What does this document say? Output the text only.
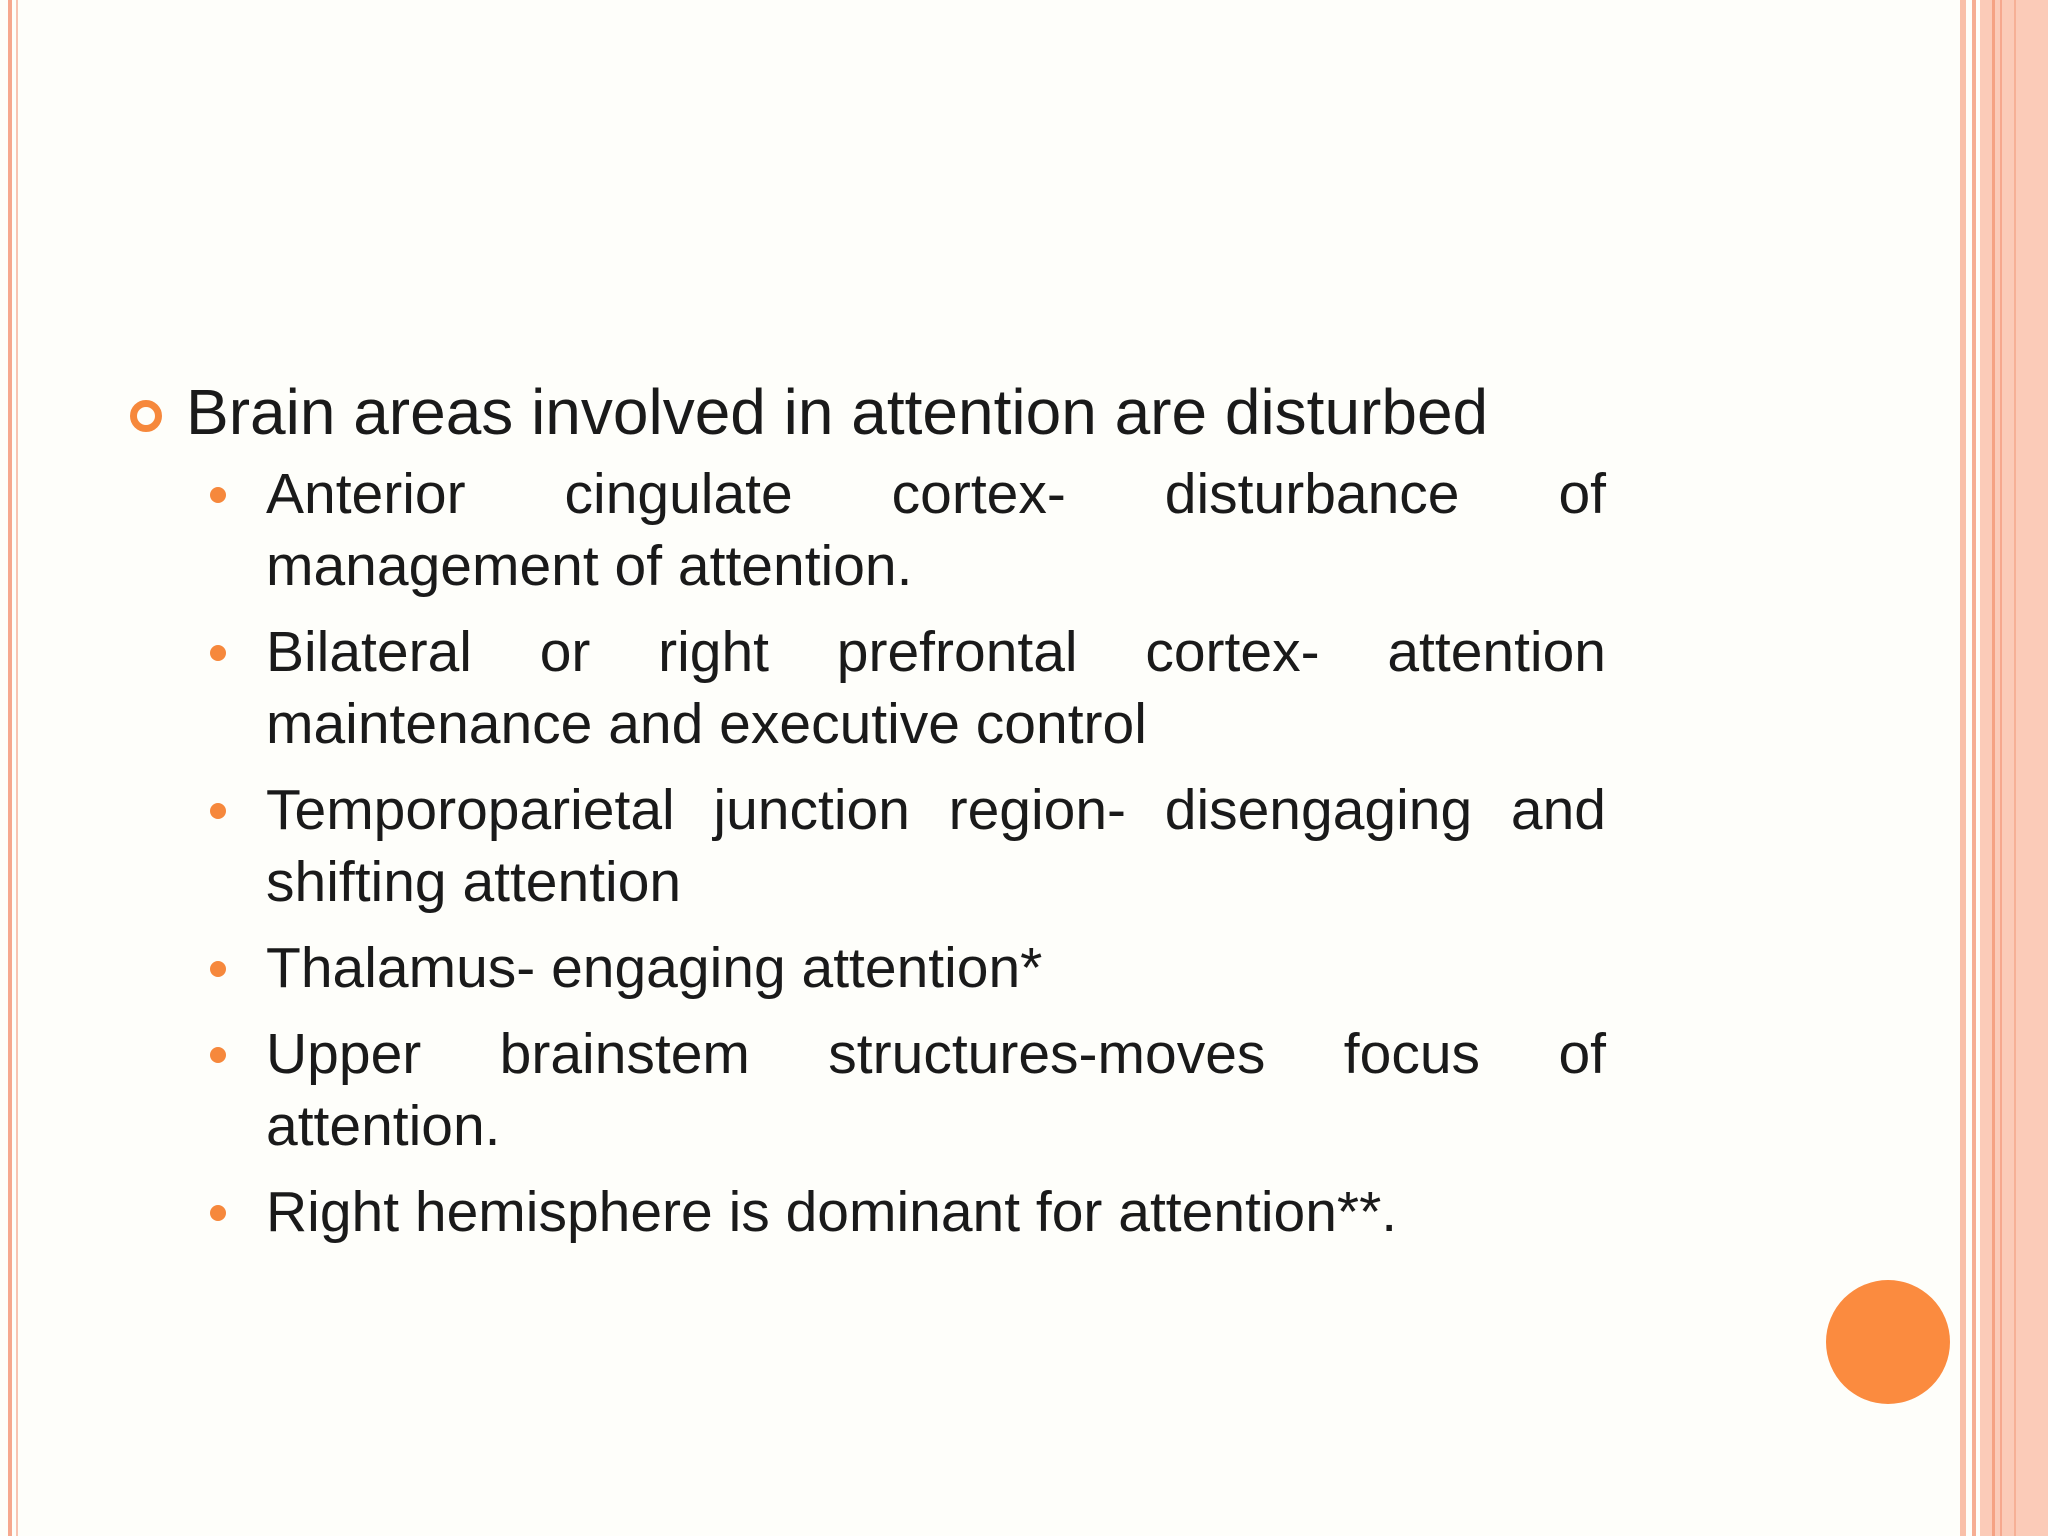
Brain areas involved in attention are disturbed
Anterior cingulate cortex- disturbance of management of attention.
Bilateral or right prefrontal cortex- attention maintenance and executive control
Temporoparietal junction region- disengaging and shifting attention
Thalamus- engaging attention*
Upper brainstem structures-moves focus of attention.
Right hemisphere is dominant for attention**.
